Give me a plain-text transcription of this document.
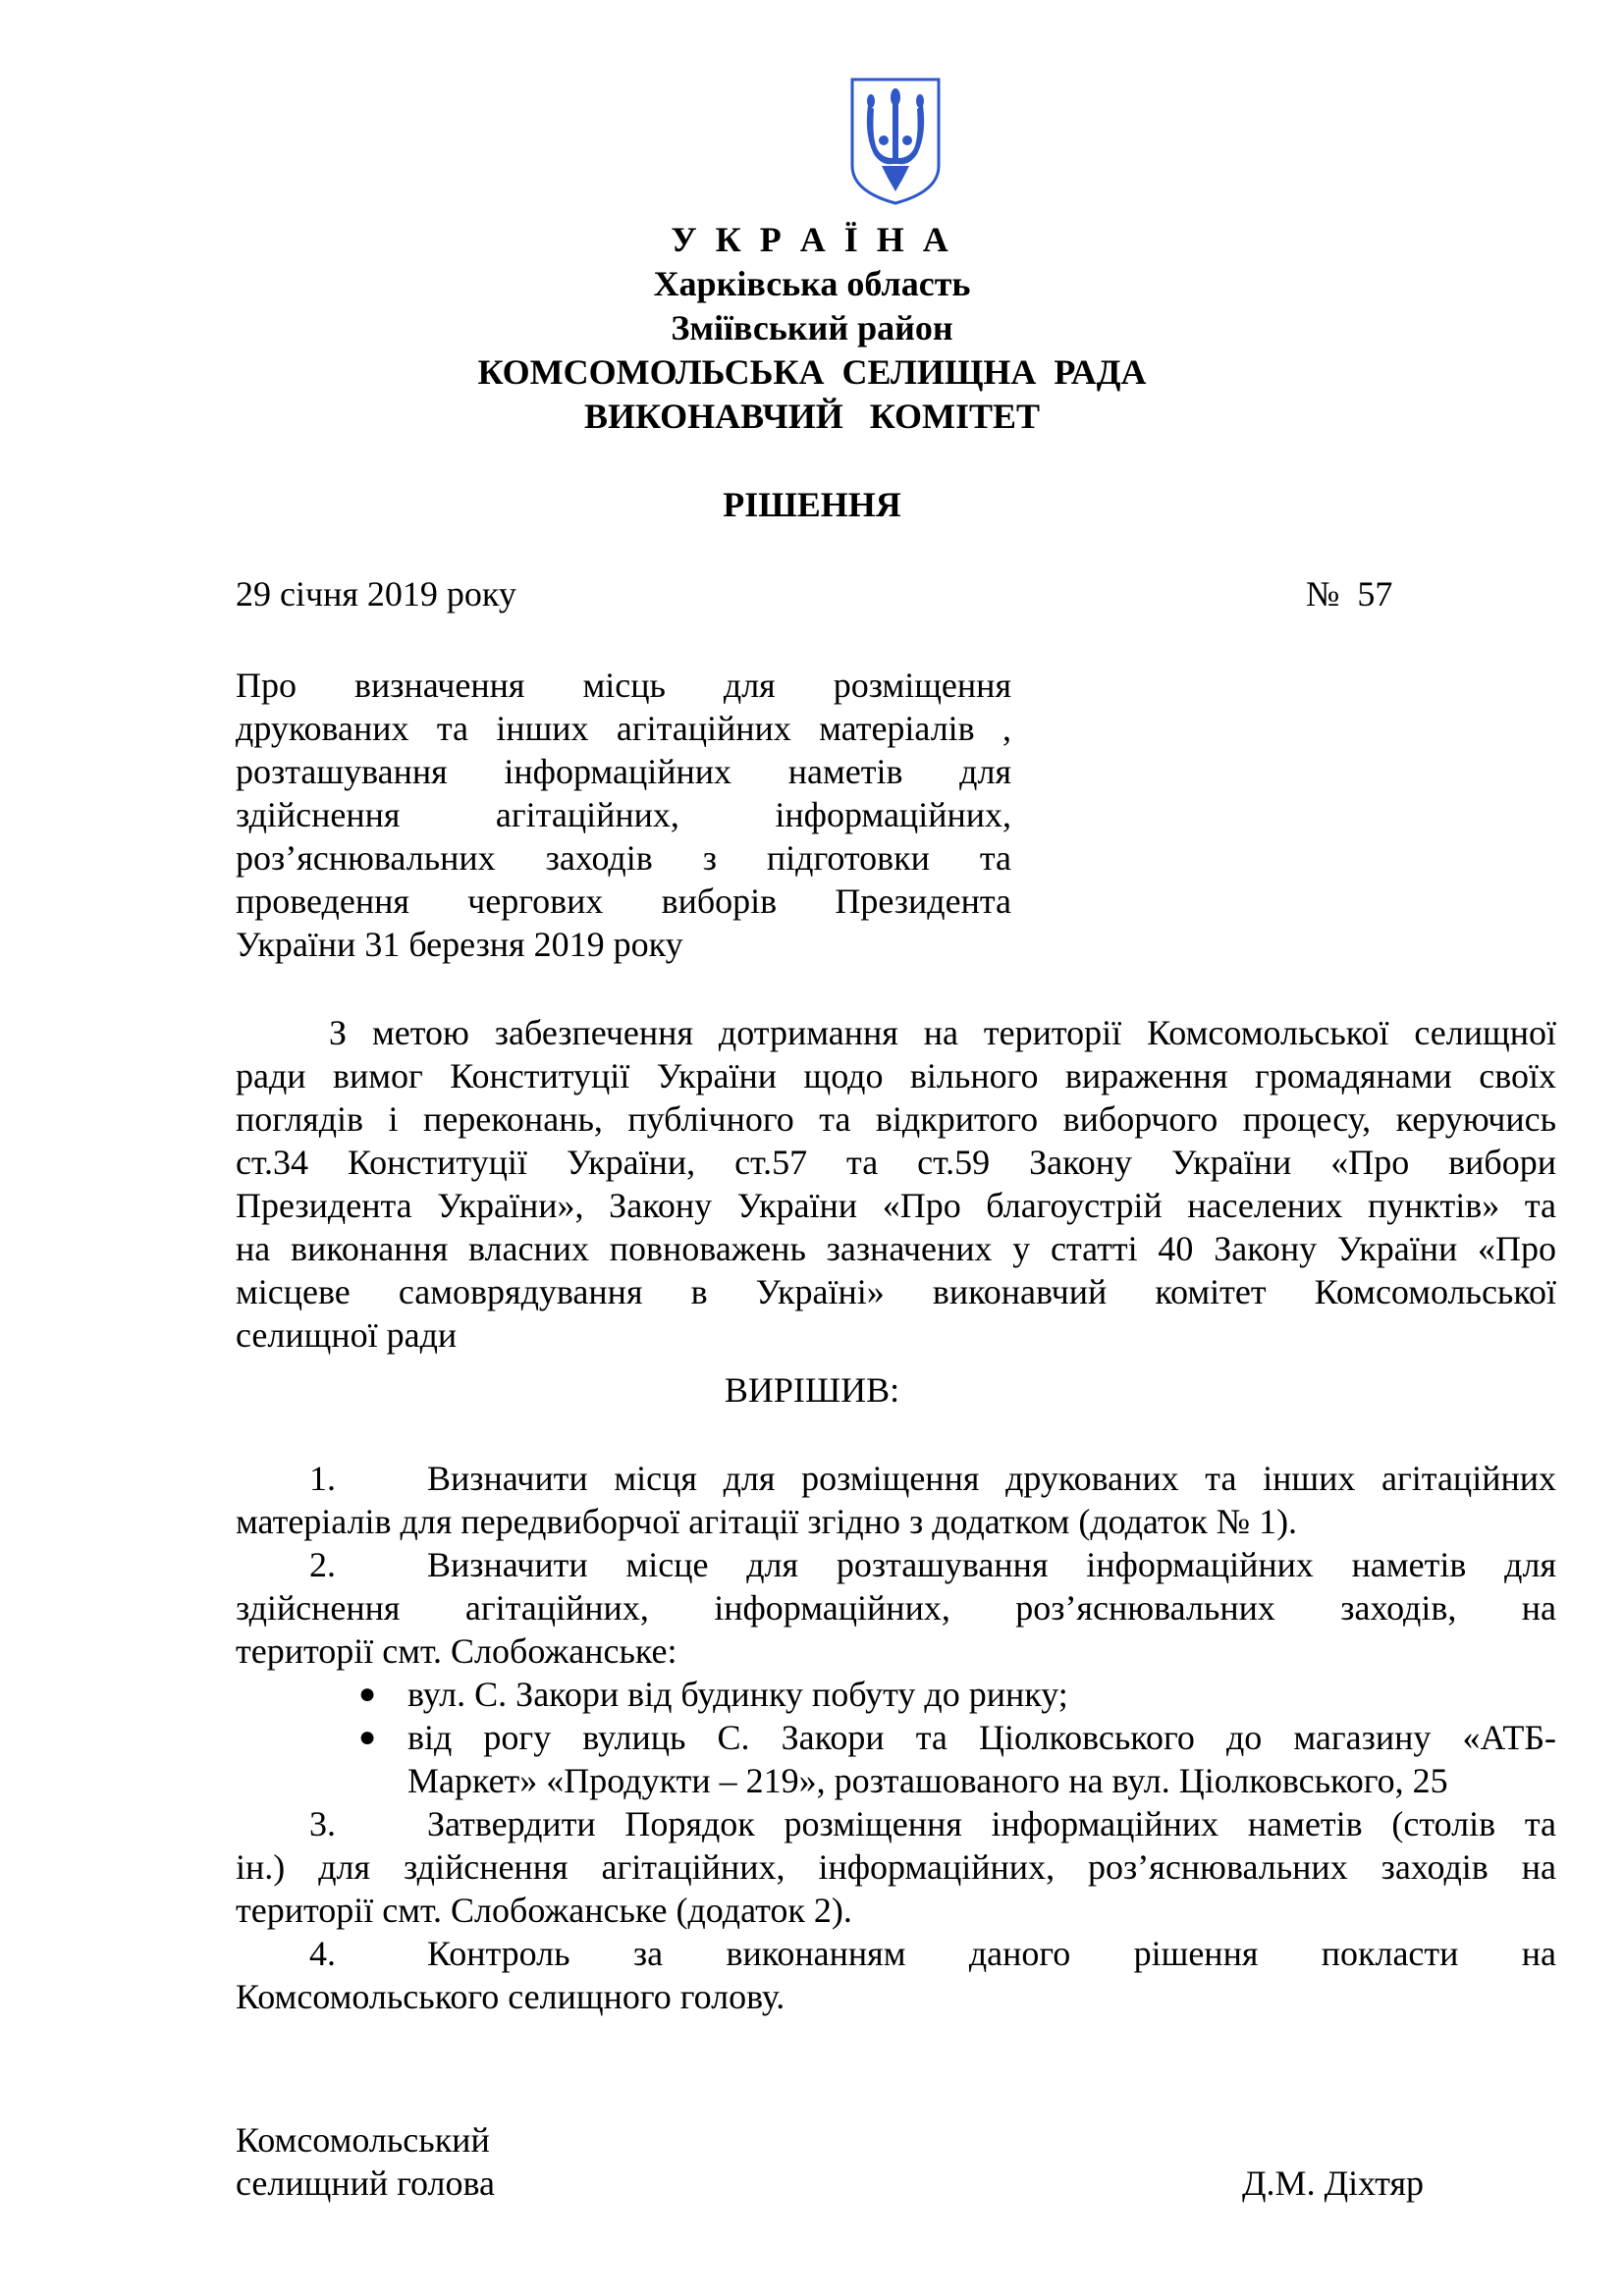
У К Р А Ї Н А
Харківська область
Зміївський район
КОМСОМОЛЬСЬКА  СЕЛИЩНА  РАДА
ВИКОНАВЧИЙ   КОМІТЕТ
РІШЕННЯ
29 січня 2019 року	№  57
Про визначення місць для розміщення
друкованих та інших агітаційних матеріалів ,
розташування інформаційних наметів для
здійснення агітаційних, інформаційних,
роз’яснювальних заходів з підготовки та
проведення чергових виборів Президента
України 31 березня 2019 року
З метою забезпечення дотримання на території Комсомольської селищної
ради вимог Конституції України щодо вільного вираження громадянами своїх
поглядів і переконань, публічного та відкритого виборчого процесу, керуючись
ст.34 Конституції України, ст.57 та ст.59 Закону України «Про вибори
Президента України», Закону України «Про благоустрій населених пунктів» та
на виконання власних повноважень зазначених у статті 40 Закону України «Про
місцеве самоврядування в Україні» виконавчий комітет Комсомольської
селищної ради
ВИРІШИВ:
1.	Визначити місця для розміщення друкованих та інших агітаційних
матеріалів для передвиборчої агітації згідно з додатком (додаток № 1).
2.	Визначити місце для розташування інформаційних наметів для
здійснення агітаційних, інформаційних, роз’яснювальних заходів, на
території смт. Слобожанське:
● вул. С. Закори від будинку побуту до ринку;
● від рогу вулиць С. Закори та Ціолковського до магазину «АТБ-
Маркет» «Продукти – 219», розташованого на вул. Ціолковського, 25
3.	Затвердити Порядок розміщення інформаційних наметів (столів та
ін.) для здійснення агітаційних, інформаційних, роз’яснювальних заходів на
території смт. Слобожанське (додаток 2).
4.	Контроль за виконанням даного рішення покласти на
Комсомольського селищного голову.
Комсомольський
селищний голова	Д.М. Діхтяр
